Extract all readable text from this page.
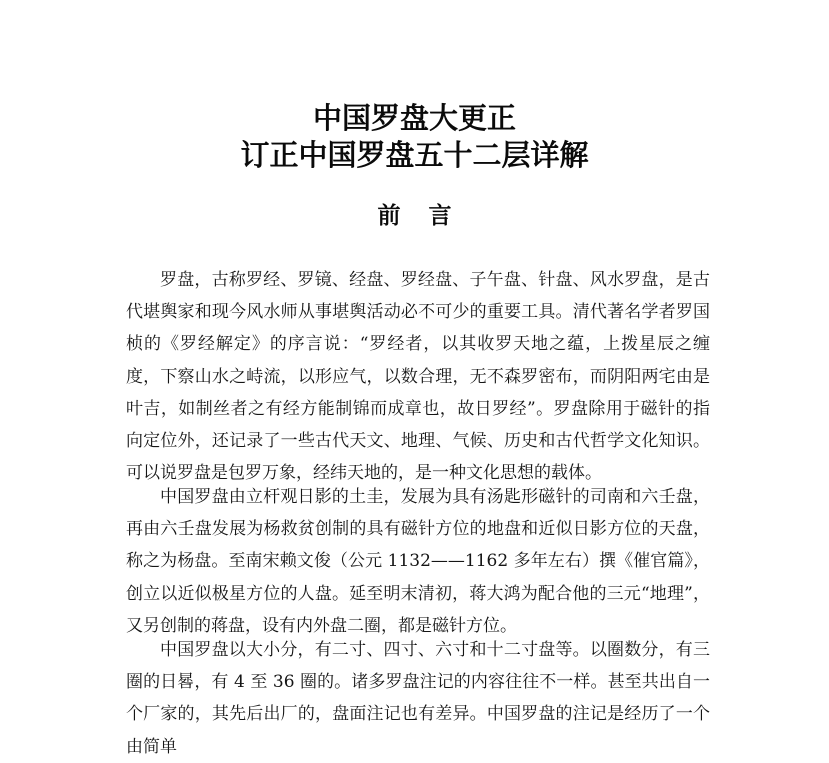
中国罗盘大更正
订正中国罗盘五十二层详解
前言

罗盘，古称罗经、罗镜、经盘、罗经盘、子午盘、针盘、风水罗盘，是古代堪舆家和现今风水师从事堪舆活动必不可少的重要工具。清代著名学者罗国桢的《罗经解定》的序言说：“罗经者，以其收罗天地之蕴，上拨星辰之缠度，下察山水之峙流，以形应气，以数合理，无不森罗密布，而阴阳两宅由是叶吉，如制丝者之有经方能制锦而成章也，故日罗经”。罗盘除用于磁针的指向定位外，还记录了一些古代天文、地理、气候、历史和古代哲学文化知识。可以说罗盘是包罗万象，经纬天地的，是一种文化思想的载体。

中国罗盘由立杆观日影的土圭，发展为具有汤匙形磁针的司南和六壬盘，再由六壬盘发展为杨救贫创制的具有磁针方位的地盘和近似日影方位的天盘，称之为杨盘。至南宋赖文俊（公元 1132——1162 多年左右）撰《催官篇》，创立以近似极星方位的人盘。延至明末清初，蒋大鸿为配合他的三元“地理”，又另创制的蒋盘，设有内外盘二圈，都是磁针方位。

中国罗盘以大小分，有二寸、四寸、六寸和十二寸盘等。以圈数分，有三圈的日晷，有 4 至 36 圈的。诸多罗盘注记的内容往往不一样。甚至共出自一个厂家的，其先后出厂的，盘面注记也有差异。中国罗盘的注记是经历了一个由简单
